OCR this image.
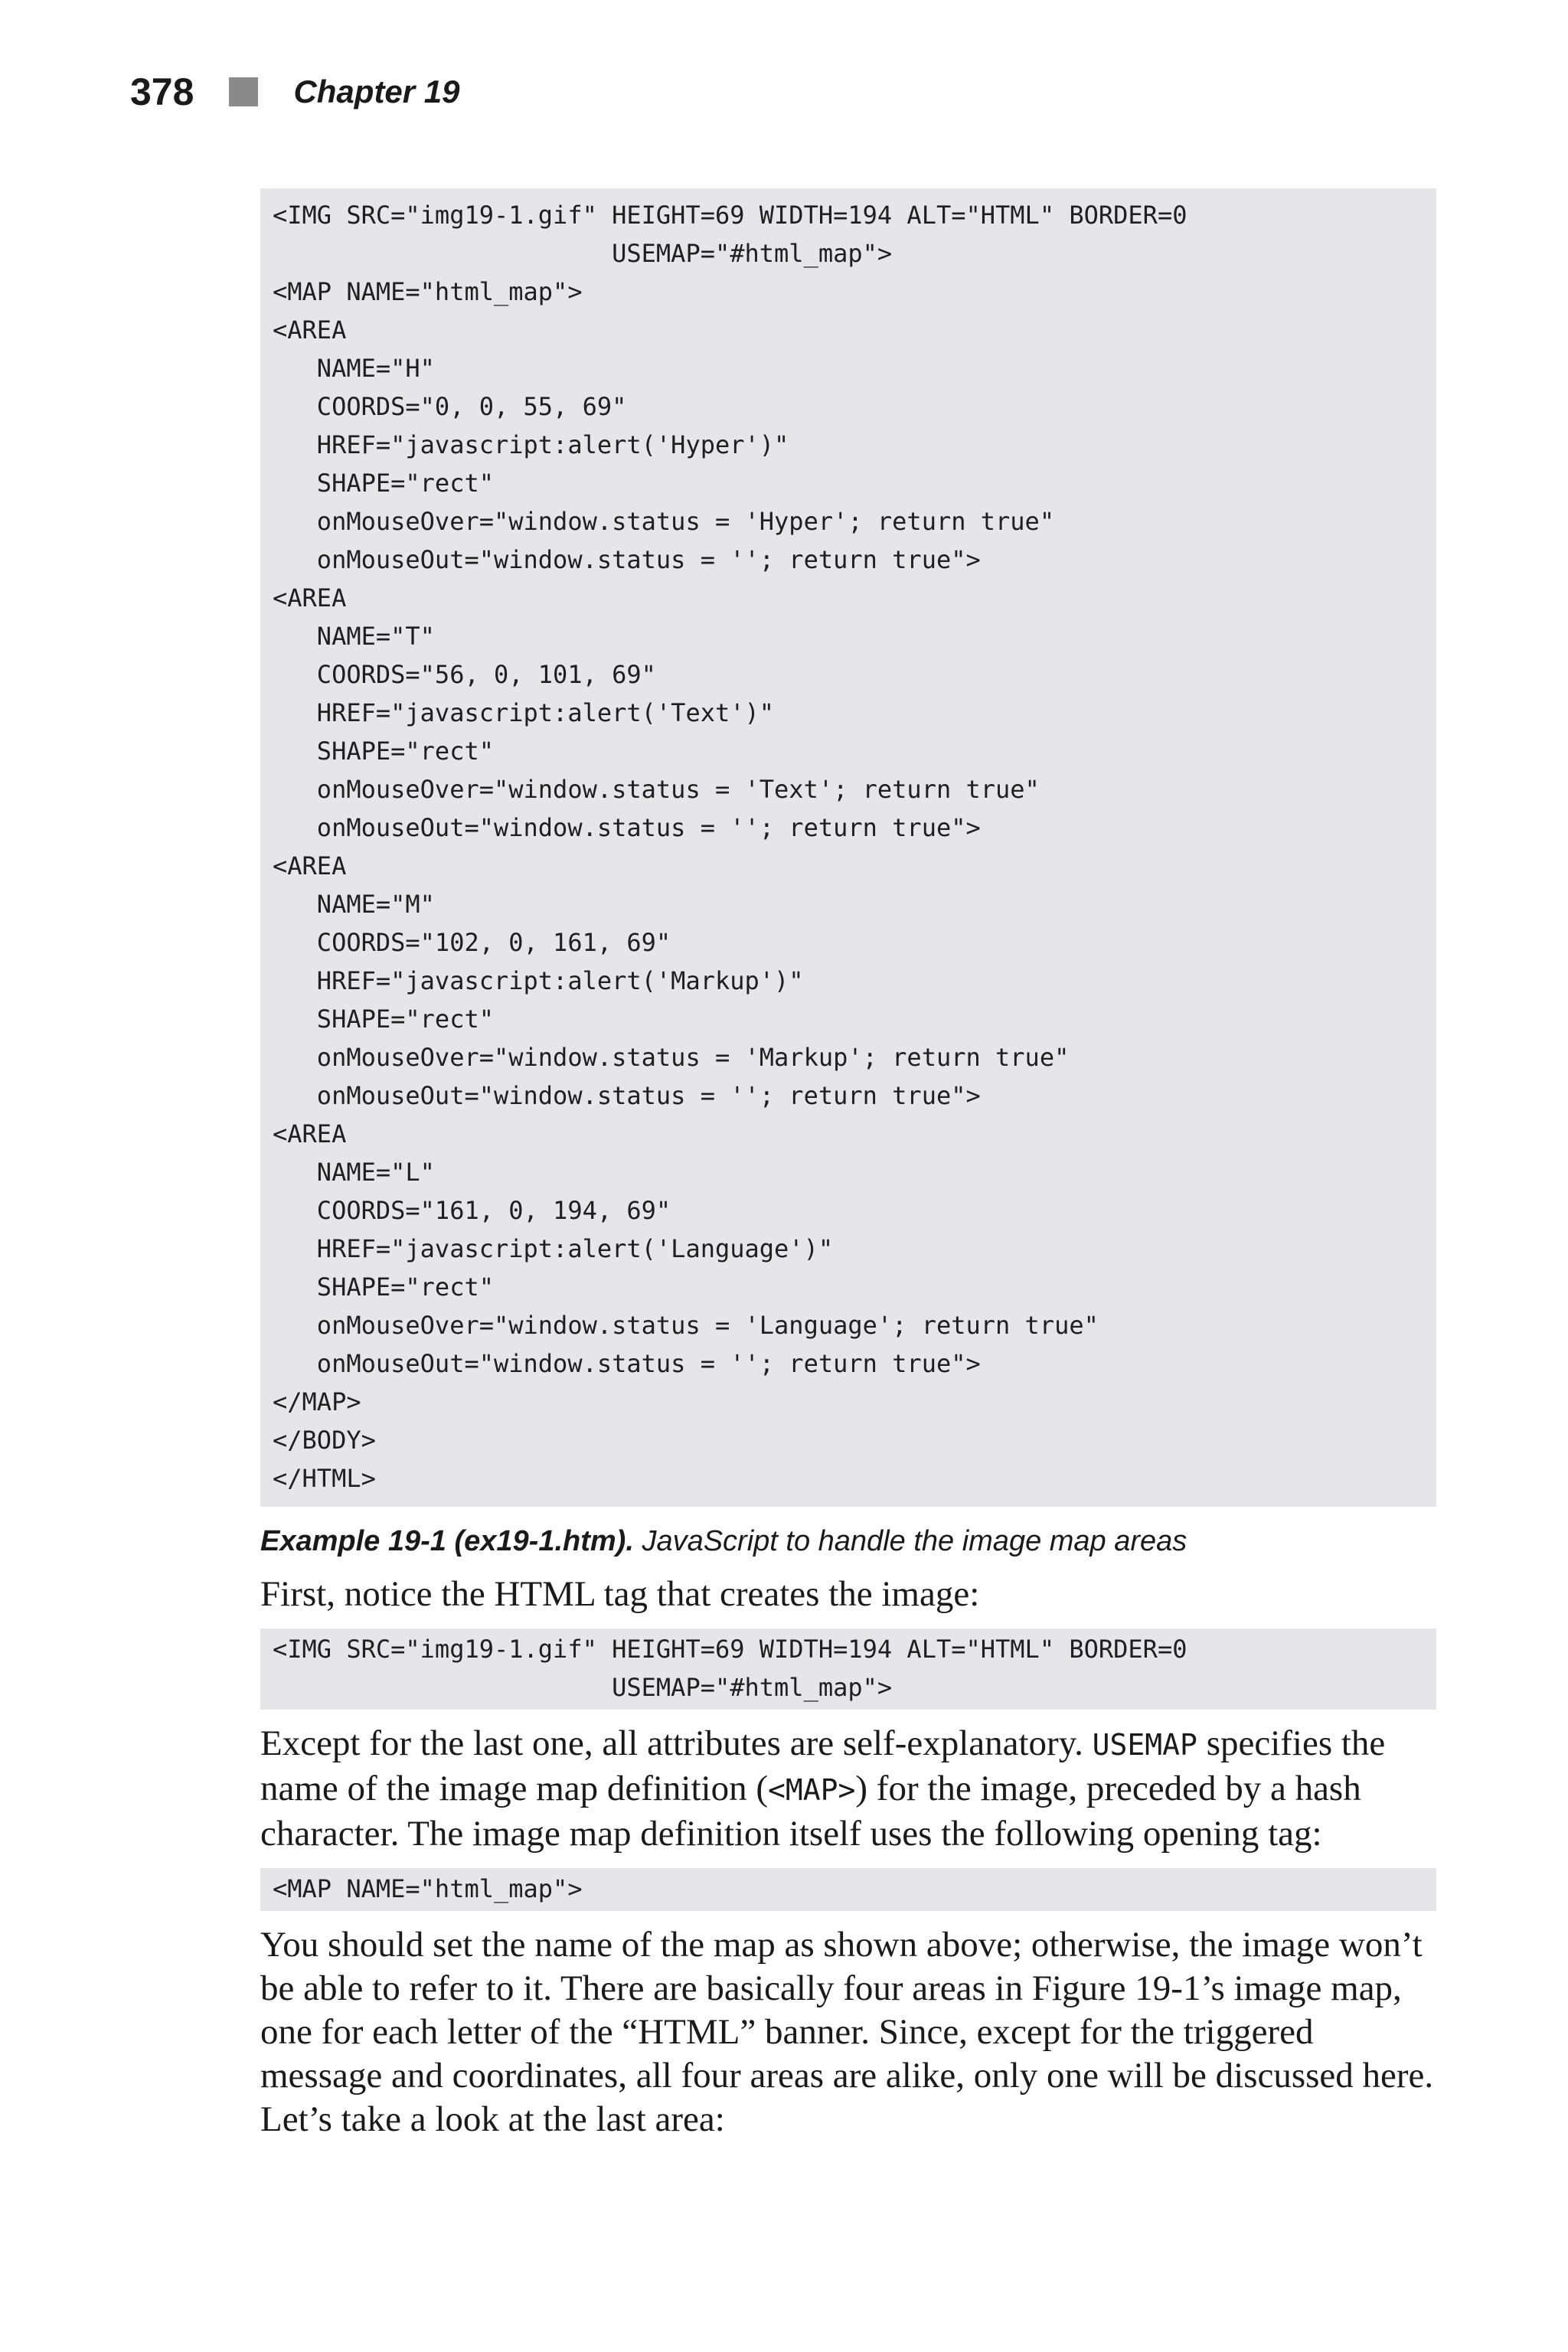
378	Chapter 19
<IMG SRC="img19-1.gif" HEIGHT=69 WIDTH=194 ALT="HTML" BORDER=0
USEMAP="#html_map">
<MAP NAME="html_map">
<AREA
NAME="H"
COORDS="0, 0, 55, 69"
HREF="javascript:alert('Hyper')"
SHAPE="rect"
onMouseOver="window.status = 'Hyper'; return true"
onMouseOut="window.status = ''; return true">
<AREA
NAME="T"
COORDS="56, 0, 101, 69"
HREF="javascript:alert('Text')"
SHAPE="rect"
onMouseOver="window.status = 'Text'; return true"
onMouseOut="window.status = ''; return true">
<AREA
NAME="M"
COORDS="102, 0, 161, 69"
HREF="javascript:alert('Markup')"
SHAPE="rect"
onMouseOver="window.status = 'Markup'; return true"
onMouseOut="window.status = ''; return true">
<AREA
NAME="L"
COORDS="161, 0, 194, 69"
HREF="javascript:alert('Language')"
SHAPE="rect"
onMouseOver="window.status = 'Language'; return true"
onMouseOut="window.status = ''; return true">
</MAP>
</BODY>
</HTML>

Example 19-1 (ex19-1.htm). JavaScript to handle the image map areas

First, notice the HTML tag that creates the image:

<IMG SRC="img19-1.gif" HEIGHT=69 WIDTH=194 ALT="HTML" BORDER=0
USEMAP="#html_map">

Except for the last one, all attributes are self-explanatory. USEMAP specifies the name of the image map definition (<MAP>) for the image, preceded by a hash character. The image map definition itself uses the following opening tag:

<MAP NAME="html_map">

You should set the name of the map as shown above; otherwise, the image won’t be able to refer to it. There are basically four areas in Figure 19-1’s image map, one for each letter of the “HTML” banner. Since, except for the triggered message and coordinates, all four areas are alike, only one will be discussed here. Let’s take a look at the last area:
